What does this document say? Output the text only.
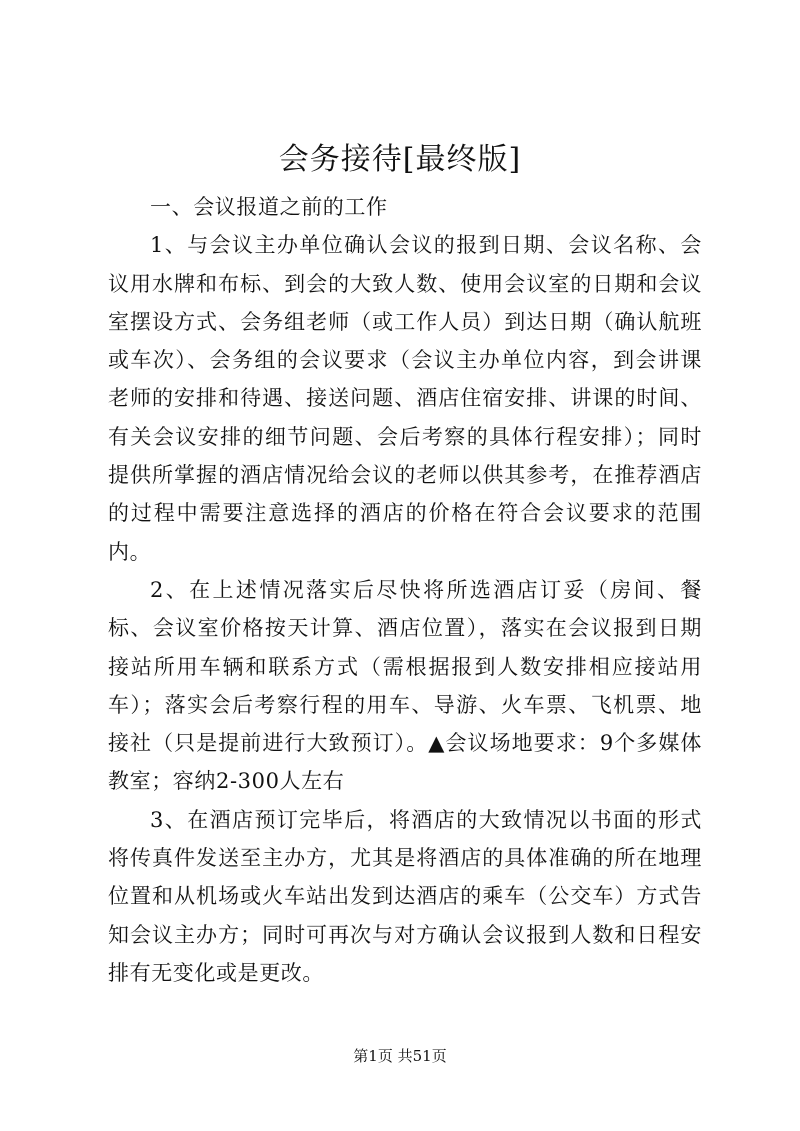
会务接待[最终版]

一、会议报道之前的工作

1、与会议主办单位确认会议的报到日期、会议名称、会议用水牌和布标、到会的大致人数、使用会议室的日期和会议室摆设方式、会务组老师（或工作人员）到达日期（确认航班或车次）、会务组的会议要求（会议主办单位内容，到会讲课老师的安排和待遇、接送问题、酒店住宿安排、讲课的时间、有关会议安排的细节问题、会后考察的具体行程安排）；同时提供所掌握的酒店情况给会议的老师以供其参考，在推荐酒店的过程中需要注意选择的酒店的价格在符合会议要求的范围内。

2、在上述情况落实后尽快将所选酒店订妥（房间、餐标、会议室价格按天计算、酒店位置），落实在会议报到日期接站所用车辆和联系方式（需根据报到人数安排相应接站用车）；落实会后考察行程的用车、导游、火车票、飞机票、地接社（只是提前进行大致预订）。▲会议场地要求：9个多媒体教室；容纳2-300人左右

3、在酒店预订完毕后，将酒店的大致情况以书面的形式将传真件发送至主办方，尤其是将酒店的具体准确的所在地理位置和从机场或火车站出发到达酒店的乘车（公交车）方式告知会议主办方；同时可再次与对方确认会议报到人数和日程安排有无变化或是更改。

第1页 共51页
